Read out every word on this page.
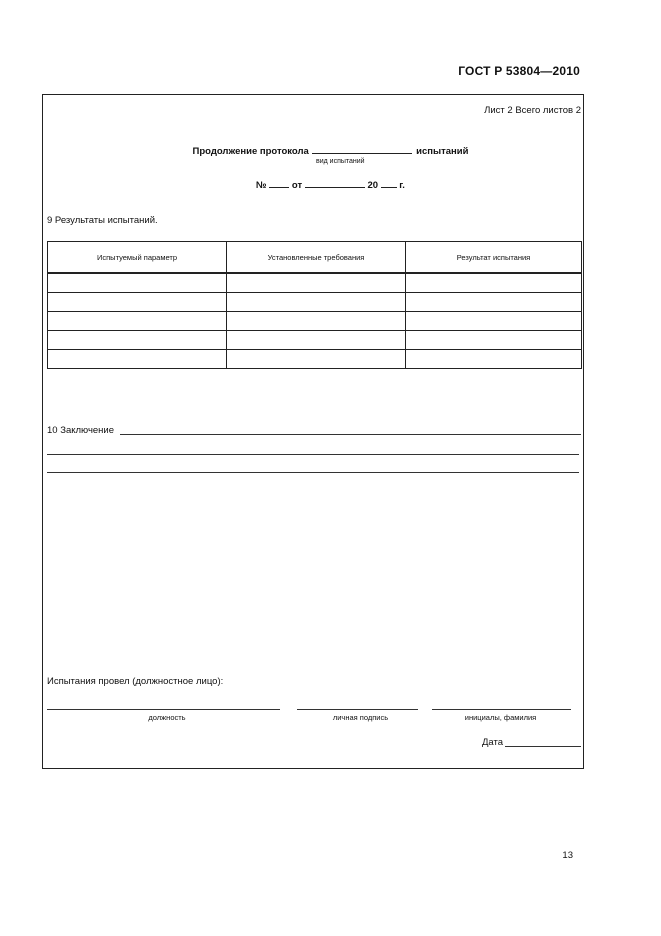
ГОСТ Р 53804—2010
Лист 2 Всего листов 2
Продолжение протокола	испытаний
вид испытаний
№	от	20 г.
9 Результаты испытаний.
Испытуемый параметр	Установленные требования	Результат испытания

10 Заключение
Испытания провел (должностное лицо):
должность	личная подпись	инициалы, фамилия
Дата
13
